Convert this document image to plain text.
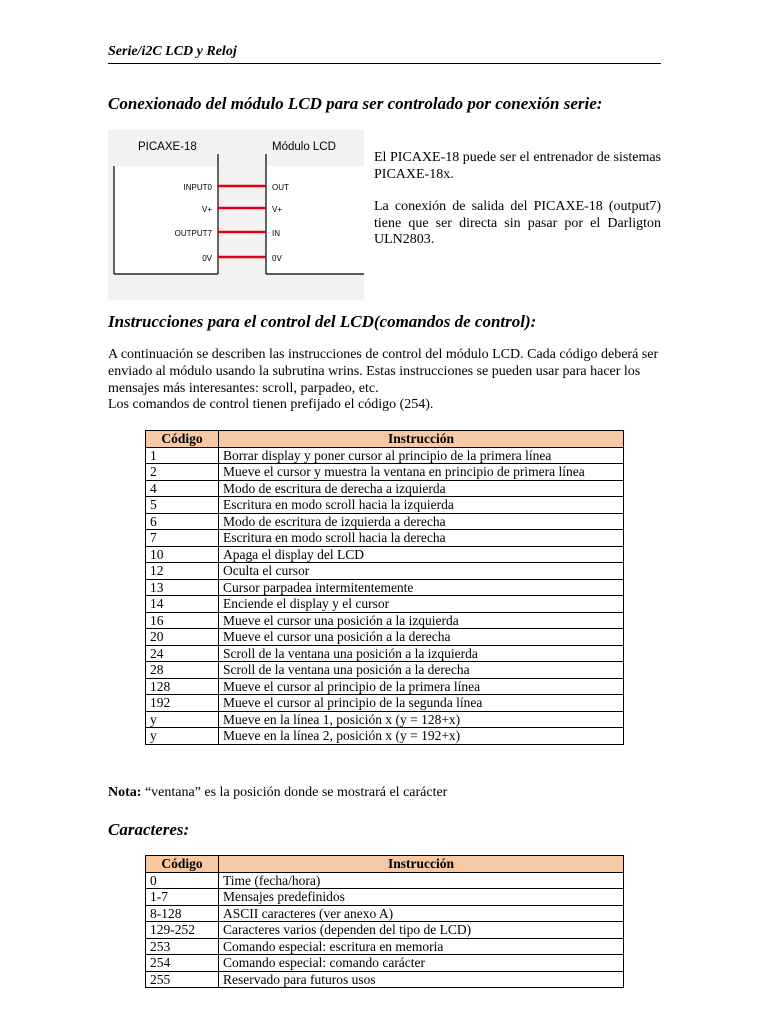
Serie/i2C LCD y Reloj
Conexionado del módulo LCD para ser controlado por conexión serie:
PICAXE-18	Módulo LCD
INPUT0
V+
OUTPUT7
0V
OUT
V+
IN
0V

El PICAXE-18 puede ser el entrenador de sistemas PICAXE-18x.

La conexión de salida del PICAXE-18 (output7) tiene que ser directa sin pasar por el Darligton ULN2803.

Instrucciones para el control del LCD(comandos de control):

A continuación se describen las instrucciones de control del módulo LCD. Cada código deberá ser enviado al módulo usando la subrutina wrins. Estas instrucciones se pueden usar para hacer los mensajes más interesantes: scroll, parpadeo, etc.

Los comandos de control tienen prefijado el código (254).

Código	Instrucción
1	Borrar display y poner cursor al principio de la primera línea
2	Mueve el cursor y muestra la ventana en principio de primera línea
4	Modo de escritura de derecha a izquierda
5	Escritura en modo scroll hacia la izquierda
6	Modo de escritura de izquierda a derecha
7	Escritura en modo scroll hacia la derecha
10	Apaga el display del LCD
12	Oculta el cursor
13	Cursor parpadea intermitentemente
14	Enciende el display y el cursor
16	Mueve el cursor una posición a la izquierda
20	Mueve el cursor una posición a la derecha
24	Scroll de la ventana una posición a la izquierda
28	Scroll de la ventana una posición a la derecha
128	Mueve el cursor al principio de la primera línea
192	Mueve el cursor al principio de la segunda línea
y	Mueve en la línea 1, posición x (y = 128+x)
y	Mueve en la línea 2, posición x (y = 192+x)
Nota: “ventana” es la posición donde se mostrará el carácter
Caracteres:
Código	Instrucción
0	Time (fecha/hora)
1-7	Mensajes predefinidos
8-128	ASCII caracteres (ver anexo A)
129-252	Caracteres varios (dependen del tipo de LCD)
253	Comando especial: escritura en memoria
254	Comando especial: comando carácter
255	Reservado para futuros usos
